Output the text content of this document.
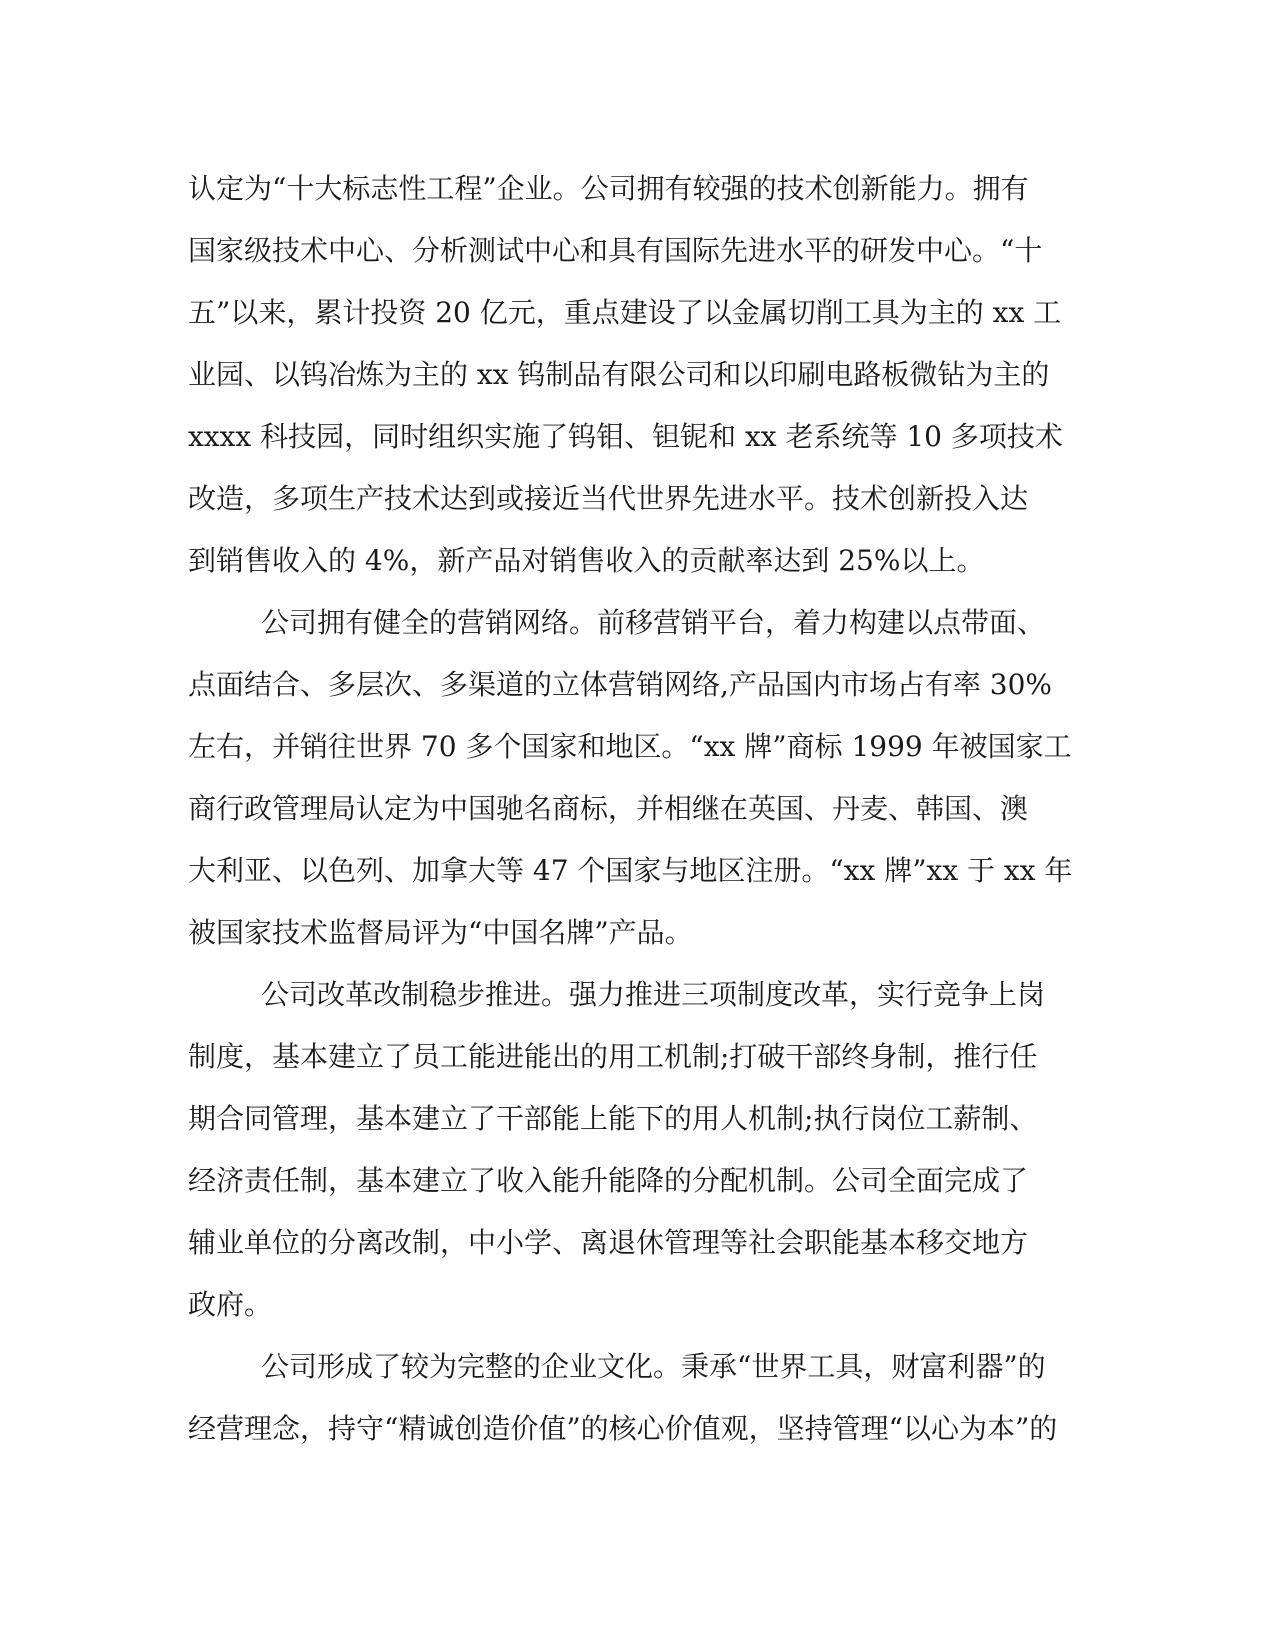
认定为“十大标志性工程”企业。公司拥有较强的技术创新能力。拥有
国家级技术中心、分析测试中心和具有国际先进水平的研发中心。“十
五”以来，累计投资 20 亿元，重点建设了以金属切削工具为主的 xx 工
业园、以钨冶炼为主的 xx 钨制品有限公司和以印刷电路板微钻为主的
xxxx 科技园，同时组织实施了钨钼、钽铌和 xx 老系统等 10 多项技术
改造，多项生产技术达到或接近当代世界先进水平。技术创新投入达
到销售收入的 4%，新产品对销售收入的贡献率达到 25%以上。
公司拥有健全的营销网络。前移营销平台，着力构建以点带面、
点面结合、多层次、多渠道的立体营销网络,产品国内市场占有率 30%
左右，并销往世界 70 多个国家和地区。“xx 牌”商标 1999 年被国家工
商行政管理局认定为中国驰名商标，并相继在英国、丹麦、韩国、澳
大利亚、以色列、加拿大等 47 个国家与地区注册。“xx 牌”xx 于 xx 年
被国家技术监督局评为“中国名牌”产品。
公司改革改制稳步推进。强力推进三项制度改革，实行竞争上岗
制度，基本建立了员工能进能出的用工机制;打破干部终身制，推行任
期合同管理，基本建立了干部能上能下的用人机制;执行岗位工薪制、
经济责任制，基本建立了收入能升能降的分配机制。公司全面完成了
辅业单位的分离改制，中小学、离退休管理等社会职能基本移交地方
政府。
公司形成了较为完整的企业文化。秉承“世界工具，财富利器”的
经营理念，持守“精诚创造价值”的核心价值观，坚持管理“以心为本”的
